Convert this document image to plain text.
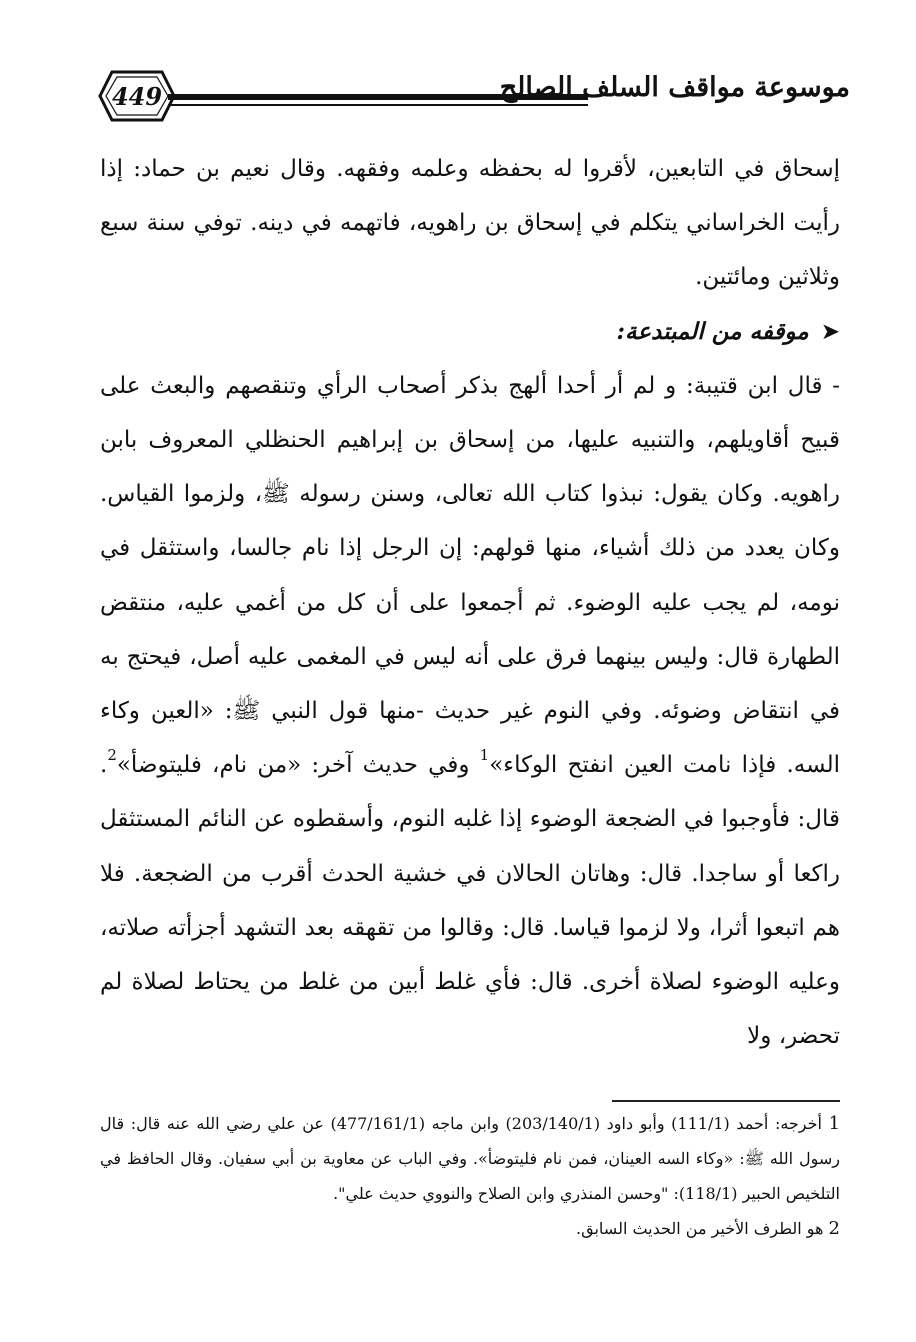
449	موسوعة مواقف السلف الصالح

إسحاق في التابعين، لأقروا له بحفظه وعلمه وفقهه. وقال نعيم بن حماد: إذا رأيت الخراساني يتكلم في إسحاق بن راهويه، فاتهمه في دينه. توفي سنة سبع وثلاثين ومائتين.

➤موقفه من المبتدعة:

- قال ابن قتيبة: و لم أر أحدا ألهج بذكر أصحاب الرأي وتنقصهم والبعث على قبيح أقاويلهم، والتنبيه عليها، من إسحاق بن إبراهيم الحنظلي المعروف بابن راهويه. وكان يقول: نبذوا كتاب الله تعالى، وسنن رسوله ﷺ، ولزموا القياس. وكان يعدد من ذلك أشياء، منها قولهم: إن الرجل إذا نام جالسا، واستثقل في نومه، لم يجب عليه الوضوء. ثم أجمعوا على أن كل من أغمي عليه، منتقض الطهارة قال: وليس بينهما فرق على أنه ليس في المغمى عليه أصل، فيحتج به في انتقاض وضوئه. وفي النوم غير حديث -منها قول النبي ﷺ: «العين وكاء السه. فإذا نامت العين انفتح الوكاء»$^1$ وفي حديث آخر: «من نام، فليتوضأ»$^2$. قال: فأوجبوا في الضجعة الوضوء إذا غلبه النوم، وأسقطوه عن النائم المستثقل راكعا أو ساجدا. قال: وهاتان الحالان في خشية الحدث أقرب من الضجعة. فلا هم اتبعوا أثرا، ولا لزموا قياسا. قال: وقالوا من تقهقه بعد التشهد أجزأته صلاته، وعليه الوضوء لصلاة أخرى. قال: فأي غلط أبين من غلط من يحتاط لصلاة لم تحضر، ولا

1 أخرجه: أحمد (111/1) وأبو داود (203/140/1) وابن ماجه (477/161/1) عن علي رضي الله عنه قال: قال رسول الله ﷺ: «وكاء السه العينان، فمن نام فليتوضأ». وفي الباب عن معاوية بن أبي سفيان. وقال الحافظ في التلخيص الحبير (118/1): "وحسن المنذري وابن الصلاح والنووي حديث علي".

2 هو الطرف الأخير من الحديث السابق.
